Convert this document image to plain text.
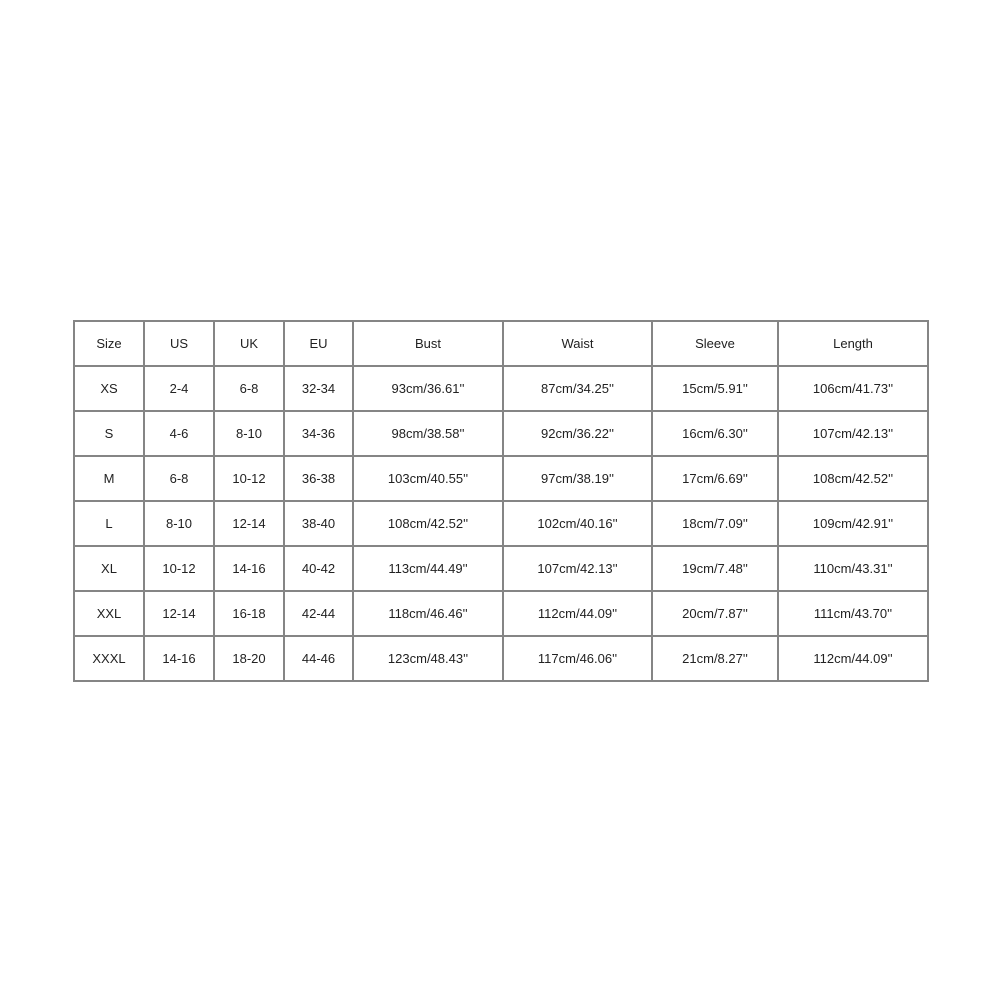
Size	US	UK	EU	Bust	Waist	Sleeve	Length
XS	2-4	6-8	32-34	93cm/36.61''	87cm/34.25''	15cm/5.91''	106cm/41.73''
S	4-6	8-10	34-36	98cm/38.58''	92cm/36.22''	16cm/6.30''	107cm/42.13''
M	6-8	10-12	36-38	103cm/40.55''	97cm/38.19''	17cm/6.69''	108cm/42.52''
L	8-10	12-14	38-40	108cm/42.52''	102cm/40.16''	18cm/7.09''	109cm/42.91''
XL	10-12	14-16	40-42	113cm/44.49''	107cm/42.13''	19cm/7.48''	110cm/43.31''
XXL	12-14	16-18	42-44	118cm/46.46''	112cm/44.09''	20cm/7.87''	111cm/43.70''
XXXL	14-16	18-20	44-46	123cm/48.43''	117cm/46.06''	21cm/8.27''	112cm/44.09''
